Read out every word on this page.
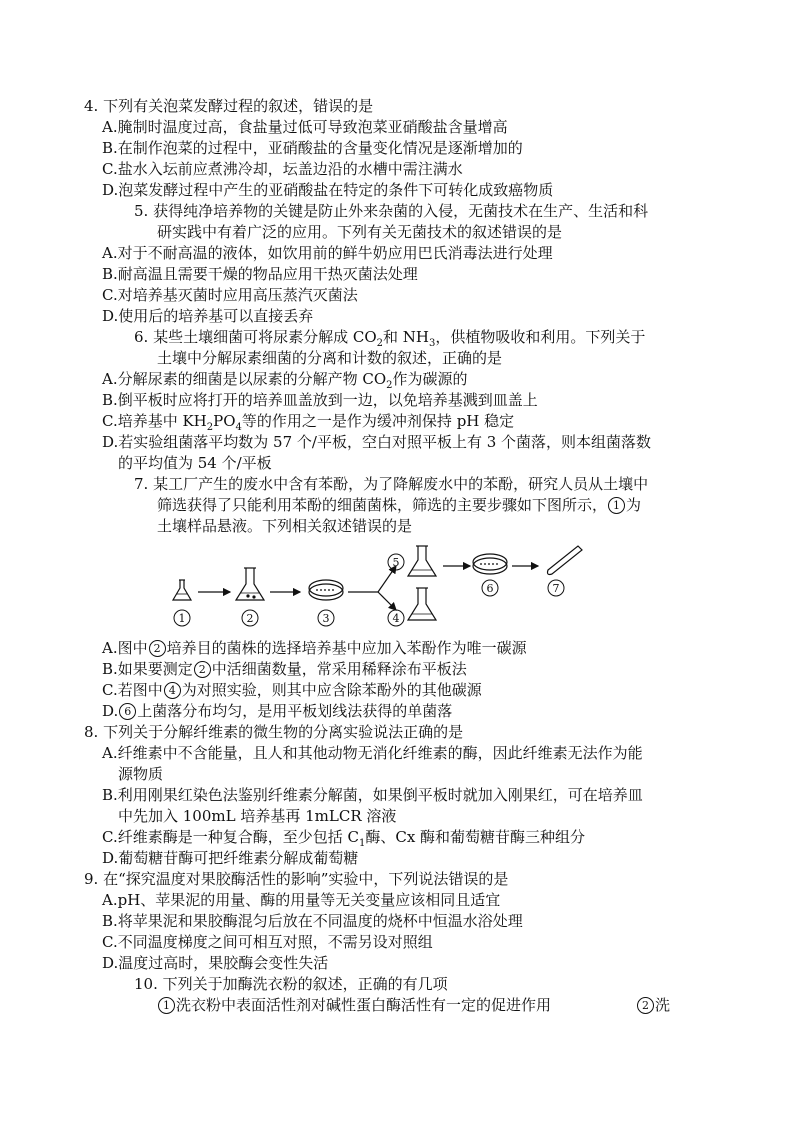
4. 下列有关泡菜发酵过程的叙述，错误的是
A.腌制时温度过高，食盐量过低可导致泡菜亚硝酸盐含量增高
B.在制作泡菜的过程中，亚硝酸盐的含量变化情况是逐渐增加的
C.盐水入坛前应煮沸冷却，坛盖边沿的水槽中需注满水
D.泡菜发酵过程中产生的亚硝酸盐在特定的条件下可转化成致癌物质
5. 获得纯净培养物的关键是防止外来杂菌的入侵，无菌技术在生产、生活和科
研实践中有着广泛的应用。下列有关无菌技术的叙述错误的是
A.对于不耐高温的液体，如饮用前的鲜牛奶应用巴氏消毒法进行处理
B.耐高温且需要干燥的物品应用干热灭菌法处理
C.对培养基灭菌时应用高压蒸汽灭菌法
D.使用后的培养基可以直接丢弃
6. 某些土壤细菌可将尿素分解成 $CO_2$和 $NH_3$，供植物吸收和利用。下列关于
土壤中分解尿素细菌的分离和计数的叙述，正确的是
A.分解尿素的细菌是以尿素的分解产物 $CO_2$作为碳源的
B.倒平板时应将打开的培养皿盖放到一边，以免培养基溅到皿盖上
C.培养基中 $KH_2PO_4$等的作用之一是作为缓冲剂保持 pH 稳定
D.若实验组菌落平均数为 57 个/平板，空白对照平板上有 3 个菌落，则本组菌落数
的平均值为 54 个/平板
7. 某工厂产生的废水中含有苯酚，为了降解废水中的苯酚，研究人员从土壤中
筛选获得了只能利用苯酚的细菌菌株，筛选的主要步骤如下图所示， 1 为
土壤样品悬液。下列相关叙述错误的是
1	2	3
5
4
6	7
A.图中 2 培养目的菌株的选择培养基中应加入苯酚作为唯一碳源
B.如果要测定 2 中活细菌数量，常采用稀释涂布平板法
C.若图中 4 为对照实验，则其中应含除苯酚外的其他碳源
D. 6 上菌落分布均匀，是用平板划线法获得的单菌落
8. 下列关于分解纤维素的微生物的分离实验说法正确的是
A.纤维素中不含能量，且人和其他动物无消化纤维素的酶，因此纤维素无法作为能
源物质
B.利用刚果红染色法鉴别纤维素分解菌，如果倒平板时就加入刚果红，可在培养皿
中先加入 100mL 培养基再 1mLCR 溶液
C.纤维素酶是一种复合酶，至少包括 $C_1$酶、Cx 酶和葡萄糖苷酶三种组分
D.葡萄糖苷酶可把纤维素分解成葡萄糖
9. 在“探究温度对果胶酶活性的影响”实验中，下列说法错误的是
A.pH、苹果泥的用量、酶的用量等无关变量应该相同且适宜
B.将苹果泥和果胶酶混匀后放在不同温度的烧杯中恒温水浴处理
C.不同温度梯度之间可相互对照，不需另设对照组
D.温度过高时，果胶酶会变性失活
10. 下列关于加酶洗衣粉的叙述，正确的有几项
1 洗衣粉中表面活性剂对碱性蛋白酶活性有一定的促进作用	2 洗
